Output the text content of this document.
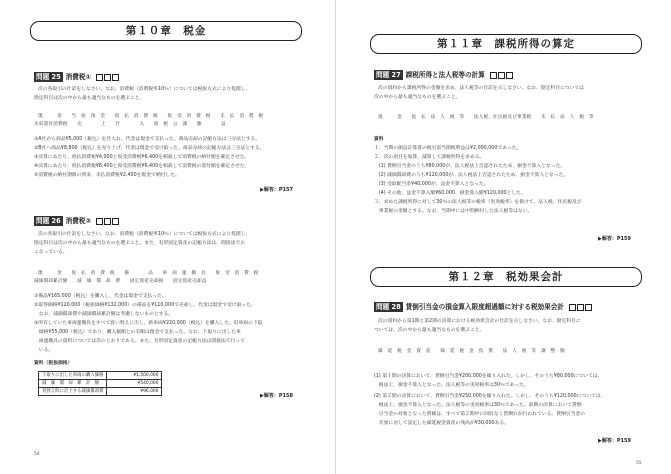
第１０章　税金
問題 25 消費税①
次の各取引の仕訳をしなさい。なお、消費税（消費税率10％）については税抜方式により処理し、
勘定科目は次の中から最も適当なものを選ぶこと。
現　　　金　　当　座　預　金　　仮　払　消　費　税　　仮　受　消　費　税　　未　払　消　費　税
未収還付消費税　　売　　　　上　　仕　　　　入　　租　税　公　課　　雑　　　　益
①A社から商品¥5,000（税込）を仕入れ、代金は現金で支払った。商品売却の記帳方法は三分法とする。
②B社へ商品¥8,800（税込）を売り上げ、代金は現金で受け取った。商品売却の記帳方法は三分法とする。
③決算にあたり、仮払消費税¥4,000と仮受消費税¥6,400を相殺して消費税の納付額を確定させた。
④決算にあたり、仮払消費税¥8,400と仮受消費税¥6,400を相殺して消費税の還付額を確定させた。
⑤消費税の納付期限の到来、未払消費税¥2,400を現金で納付した。
▶解答：P157
問題 26 消費税②
次の各取引の仕訳をしなさい。なお、消費税（消費税率10％）については税抜方式により処理し、
勘定科目は次の中から最も適当なものを選ぶこと。また、有形固定資産の記帳方法は、間接法でお
こなっている。
現　　　金　　仮　払　消　費　税　　備　　　　品　　車　両　運　搬　具　　仮　受　消　費　税
減価償却累計額　　減　価　償　却　費　　固定資産売却損　　固定資産売却益
①備品¥165,000（税込）を購入し、代金は現金で支払った。
②取得価格¥120,000（税抜価格¥132,000）の備品を¥110,000で売却し、代金は現金で受け取った。
　なお、減価償却費や減価償却累計額は考慮しないものとする。
③所有していた車両運搬具をすべて買い替えに出し、新車両¥220,000（税込）を購入した。旧車両の下取
　価格¥55,000（税込）であり、購入価額との差額は現金で支払った。なお、下取りに出した車
　両運搬具の資料については次のとおりである。また、有形固定資産の記帳方法は間接法で行って
　いる。
資料（税抜価格）
下取りに出した車両の購入価格	¥1,500,000
減　価　償　却　累　計　額	¥540,000
買替え時に計上する減価償却費	¥96,000
▶解答：P158
54
第１１章　課税所得の算定
問題 27 課税所得と法人税等の計算
次の資料から課税所得の金額を求め、法人税等の仕訳を示しなさい。なお、勘定科目については
次の中から最も適当なものを選ぶこと。
現　　　金　　仮　払　法　人　税　等　　法人税、住民税及び事業税　　未　払　法　人　税　等
資料
１．当期の損益計算書の税引前当期純利益は¥2,000,000であった。
２．次の項目を加算、減算して課税所得を求める。
　(1) 貸倒引当金のうち¥80,000が、法人税法上否認されたため、損金不算入となった。
　(2) 減価償却費のうち¥120,000が、法人税法上否認されたため、損金不算入となった。
　(3) 受取配当金¥40,000が、益金不算入となった。
　(4) その他、益金不算入額¥60,000、損金算入額¥120,000とした。
３．求めた課税所得に対して30％の法人税等の税率（実効税率）を掛けて、法人税、住民税及び
　事業税の金額とする。なお、当期中には中間納付した法人税等はない。
▶解答：P159
第１２章　税効果会計
問題 28 貸倒引当金の損金算入限度超過額に対する税効果会計
次の資料から第1期と第2期の決算における税効果会計の仕訳を示しなさい。なお、勘定科目に
ついては、次の中から最も適当なものを選ぶこと。
繰　延　税　金　資　産　　繰　延　税　金　負　債　　法　人　税　等　調　整　額
(1) 第１期の決算において、貸倒引当金¥200,000を繰り入れた。しかし、そのうち¥80,000については、
　税法上、損金不算入となった。法人税等の実効税率は30％であった。
(2) 第２期の決算において、貸倒引当金¥250,000を繰り入れた。しかし、そのうち¥120,000については、
　税法上、損金不算入となった。法人税等の実効税率は30％であった。前期の決算において貸倒
　引当金の対象となった債権は、すべて第２期中に回収なく貸倒れが行われている。貸倒引当金の
　差異に対して設定した繰延税金資産の残高が¥30,000ある。
▶解答：P159
55
